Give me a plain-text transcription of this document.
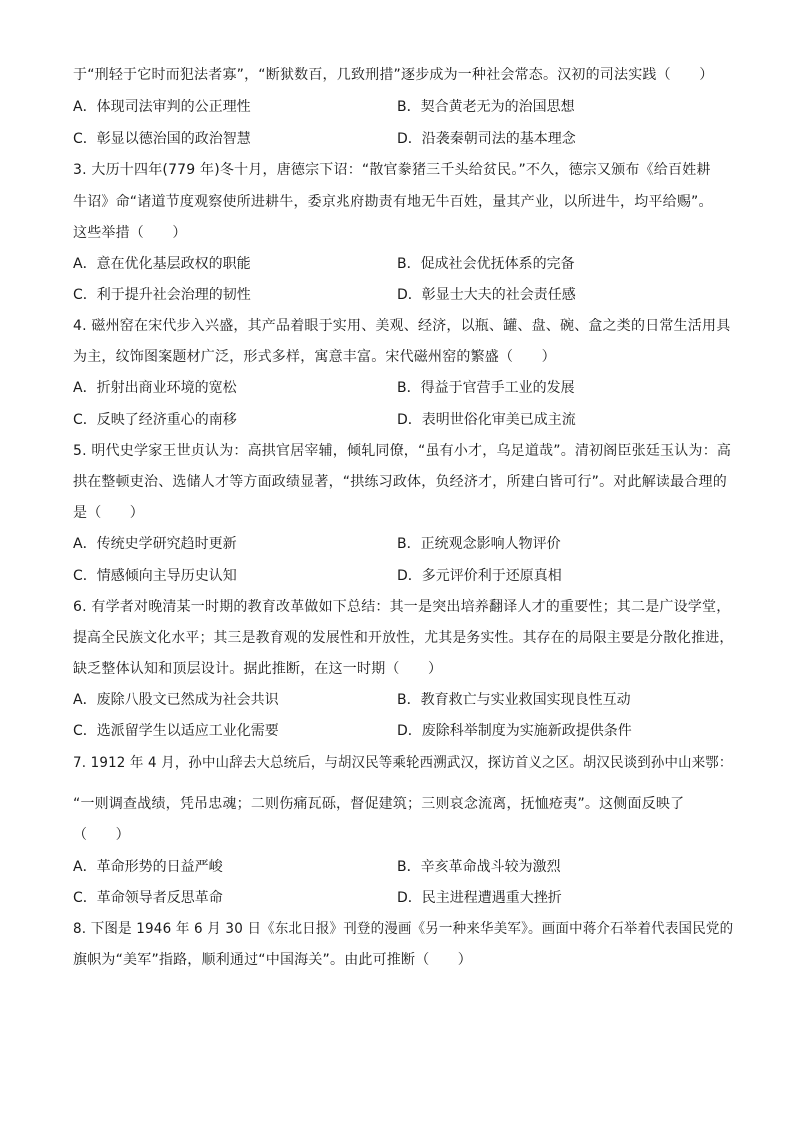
于“刑轻于它时而犯法者寡”，“断狱数百，几致刑措”逐步成为一种社会常态。汉初的司法实践（　　）
A．体现司法审判的公正理性	B．契合黄老无为的治国思想
C．彰显以德治国的政治智慧	D．沿袭秦朝司法的基本理念
3. 大历十四年(779 年)冬十月，唐德宗下诏：“散官豢猪三千头给贫民。”不久，德宗又颁布《给百姓耕
牛诏》命“诸道节度观察使所进耕牛，委京兆府勘责有地无牛百姓，量其产业，以所进牛，均平给赐”。
这些举措（　　）
A．意在优化基层政权的职能	B．促成社会优抚体系的完备
C．利于提升社会治理的韧性	D．彰显士大夫的社会责任感
4. 磁州窑在宋代步入兴盛，其产品着眼于实用、美观、经济，以瓶、罐、盘、碗、盒之类的日常生活用具
为主，纹饰图案题材广泛，形式多样，寓意丰富。宋代磁州窑的繁盛（　　）
A．折射出商业环境的宽松	B．得益于官营手工业的发展
C．反映了经济重心的南移	D．表明世俗化审美已成主流
5. 明代史学家王世贞认为：高拱官居宰辅，倾轧同僚，“虽有小才，乌足道哉”。清初阁臣张廷玉认为：高
拱在整顿吏治、选储人才等方面政绩显著，“拱练习政体，负经济才，所建白皆可行”。对此解读最合理的
是（　　）
A．传统史学研究趋时更新	B．正统观念影响人物评价
C．情感倾向主导历史认知	D．多元评价利于还原真相
6. 有学者对晚清某一时期的教育改革做如下总结：其一是突出培养翻译人才的重要性；其二是广设学堂，
提高全民族文化水平；其三是教育观的发展性和开放性，尤其是务实性。其存在的局限主要是分散化推进，
缺乏整体认知和顶层设计。据此推断，在这一时期（　　）
A．废除八股文已然成为社会共识	B．教育救亡与实业救国实现良性互动
C．选派留学生以适应工业化需要	D．废除科举制度为实施新政提供条件
7. 1912 年 4 月，孙中山辞去大总统后，与胡汉民等乘轮西溯武汉，探访首义之区。胡汉民谈到孙中山来鄂：
“一则调查战绩，凭吊忠魂；二则伤痛瓦砾，督促建筑；三则哀念流离，抚恤疮夷”。这侧面反映了
（　　）
A．革命形势的日益严峻	B．辛亥革命战斗较为激烈
C．革命领导者反思革命	D．民主进程遭遇重大挫折
8. 下图是 1946 年 6 月 30 日《东北日报》刊登的漫画《另一种来华美军》。画面中蒋介石举着代表国民党的
旗帜为“美军”指路，顺利通过“中国海关”。由此可推断（　　）
